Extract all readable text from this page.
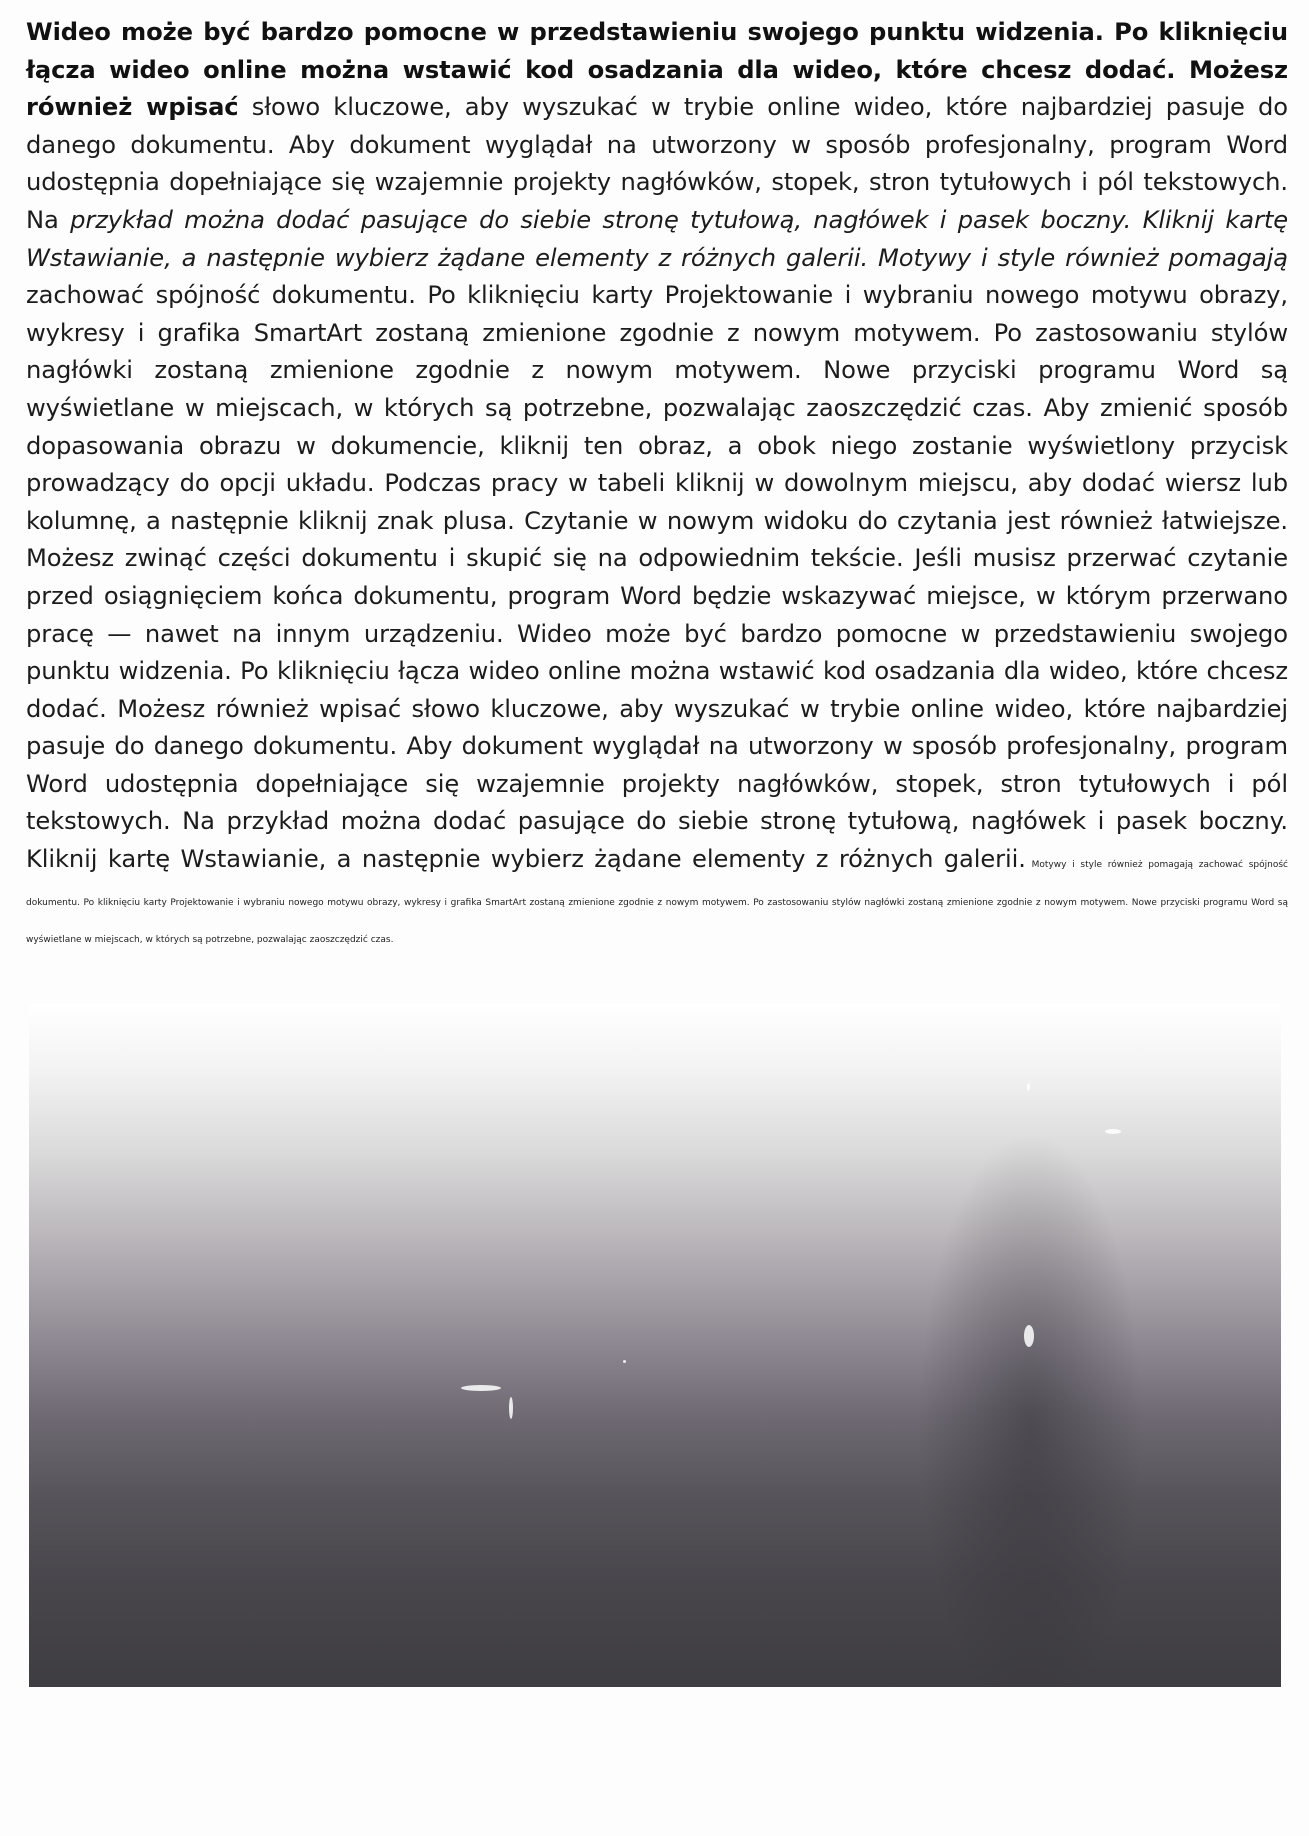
Wideo może być bardzo pomocne w przedstawieniu swojego punktu widzenia. Po kliknięciu łącza wideo online można wstawić kod osadzania dla wideo, które chcesz dodać. Możesz również wpisać słowo kluczowe, aby wyszukać w trybie online wideo, które najbardziej pasuje do danego dokumentu. Aby dokument wyglądał na utworzony w sposób profesjonalny, program Word udostępnia dopełniające się wzajemnie projekty nagłówków, stopek, stron tytułowych i pól tekstowych. Na przykład można dodać pasujące do siebie stronę tytułową, nagłówek i pasek boczny. Kliknij kartę Wstawianie, a następnie wybierz żądane elementy z różnych galerii. Motywy i style również pomagają zachować spójność dokumentu. Po kliknięciu karty Projektowanie i wybraniu nowego motywu obrazy, wykresy i grafika SmartArt zostaną zmienione zgodnie z nowym motywem. Po zastosowaniu stylów nagłówki zostaną zmienione zgodnie z nowym motywem. Nowe przyciski programu Word są wyświetlane w miejscach, w których są potrzebne, pozwalając zaoszczędzić czas. Aby zmienić sposób dopasowania obrazu w dokumencie, kliknij ten obraz, a obok niego zostanie wyświetlony przycisk prowadzący do opcji układu. Podczas pracy w tabeli kliknij w dowolnym miejscu, aby dodać wiersz lub kolumnę, a następnie kliknij znak plusa. Czytanie w nowym widoku do czytania jest również łatwiejsze. Możesz zwinąć części dokumentu i skupić się na odpowiednim tekście. Jeśli musisz przerwać czytanie przed osiągnięciem końca dokumentu, program Word będzie wskazywać miejsce, w którym przerwano pracę — nawet na innym urządzeniu. Wideo może być bardzo pomocne w przedstawieniu swojego punktu widzenia. Po kliknięciu łącza wideo online można wstawić kod osadzania dla wideo, które chcesz dodać. Możesz również wpisać słowo kluczowe, aby wyszukać w trybie online wideo, które najbardziej pasuje do danego dokumentu. Aby dokument wyglądał na utworzony w sposób profesjonalny, program Word udostępnia dopełniające się wzajemnie projekty nagłówków, stopek, stron tytułowych i pól tekstowych. Na przykład można dodać pasujące do siebie stronę tytułową, nagłówek i pasek boczny. Kliknij kartę Wstawianie, a następnie wybierz żądane elementy z różnych galerii. Motywy i style również pomagają zachować spójność dokumentu. Po kliknięciu karty Projektowanie i wybraniu nowego motywu obrazy, wykresy i grafika SmartArt zostaną zmienione zgodnie z nowym motywem. Po zastosowaniu stylów nagłówki zostaną zmienione zgodnie z nowym motywem. Nowe przyciski programu Word są wyświetlane w miejscach, w których są potrzebne, pozwalając zaoszczędzić czas.
